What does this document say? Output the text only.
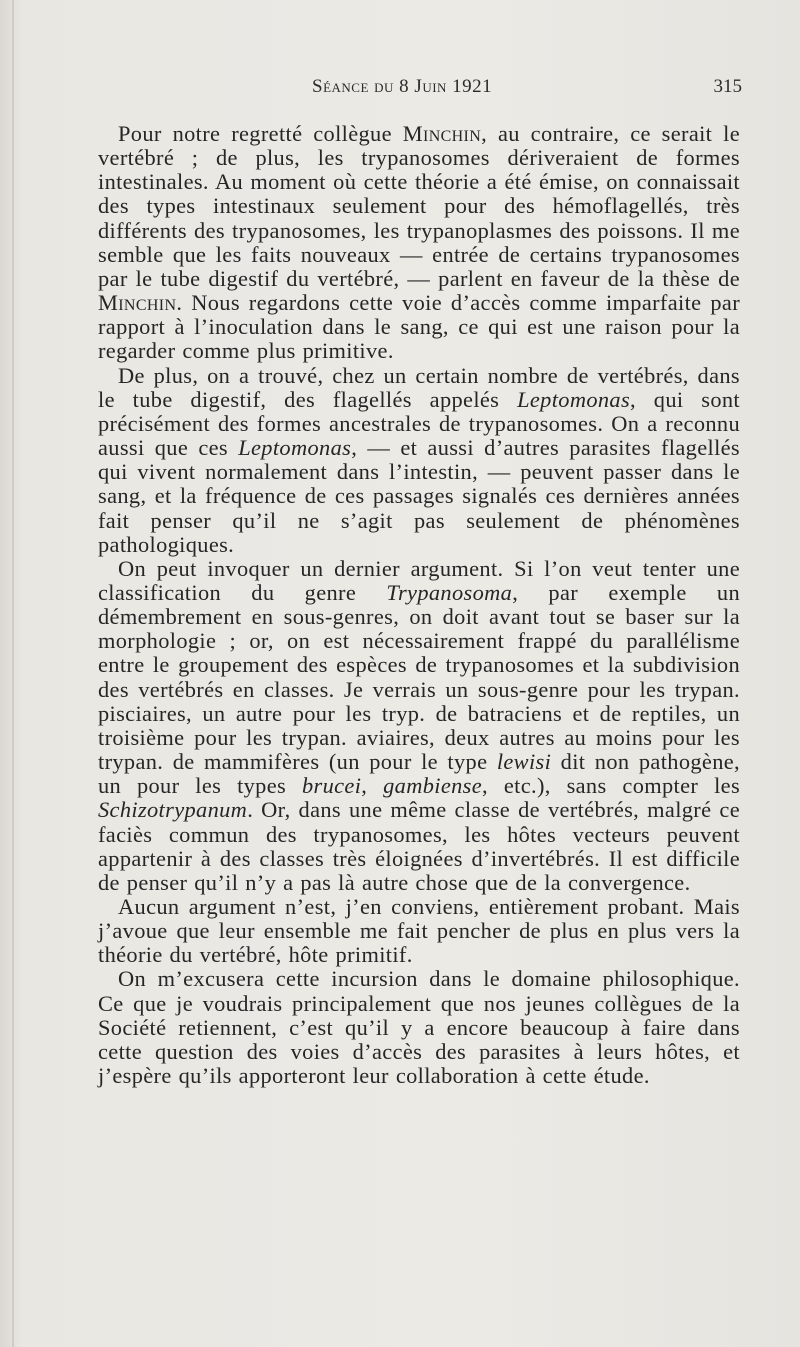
Séance du 8 Juin 1921	315

Pour notre regretté collègue Minchin, au contraire, ce serait le vertébré ; de plus, les trypanosomes dériveraient de formes intestinales. Au moment où cette théorie a été émise, on connaissait des types intestinaux seulement pour des hémoflagellés, très différents des trypanosomes, les trypanoplasmes des poissons. Il me semble que les faits nouveaux — entrée de certains trypanosomes par le tube digestif du vertébré, — parlent en faveur de la thèse de Minchin. Nous regardons cette voie d’accès comme imparfaite par rapport à l’inoculation dans le sang, ce qui est une raison pour la regarder comme plus primitive.

De plus, on a trouvé, chez un certain nombre de vertébrés, dans le tube digestif, des flagellés appelés Leptomonas, qui sont précisément des formes ancestrales de trypanosomes. On a reconnu aussi que ces Leptomonas, — et aussi d’autres parasites flagellés qui vivent normalement dans l’intestin, — peuvent passer dans le sang, et la fréquence de ces passages signalés ces dernières années fait penser qu’il ne s’agit pas seulement de phénomènes pathologiques.

On peut invoquer un dernier argument. Si l’on veut tenter une classification du genre Trypanosoma, par exemple un démembrement en sous-genres, on doit avant tout se baser sur la morphologie ; or, on est nécessairement frappé du parallélisme entre le groupement des espèces de trypanosomes et la subdivision des vertébrés en classes. Je verrais un sous-genre pour les trypan. pisciaires, un autre pour les tryp. de batraciens et de reptiles, un troisième pour les trypan. aviaires, deux autres au moins pour les trypan. de mammifères (un pour le type lewisi dit non pathogène, un pour les types brucei, gambiense, etc.), sans compter les Schizotrypanum. Or, dans une même classe de vertébrés, malgré ce faciès commun des trypanosomes, les hôtes vecteurs peuvent appartenir à des classes très éloignées d’invertébrés. Il est difficile de penser qu’il n’y a pas là autre chose que de la convergence.

Aucun argument n’est, j’en conviens, entièrement probant. Mais j’avoue que leur ensemble me fait pencher de plus en plus vers la théorie du vertébré, hôte primitif.

On m’excusera cette incursion dans le domaine philosophique. Ce que je voudrais principalement que nos jeunes collègues de la Société retiennent, c’est qu’il y a encore beaucoup à faire dans cette question des voies d’accès des parasites à leurs hôtes, et j’espère qu’ils apporteront leur collaboration à cette étude.
